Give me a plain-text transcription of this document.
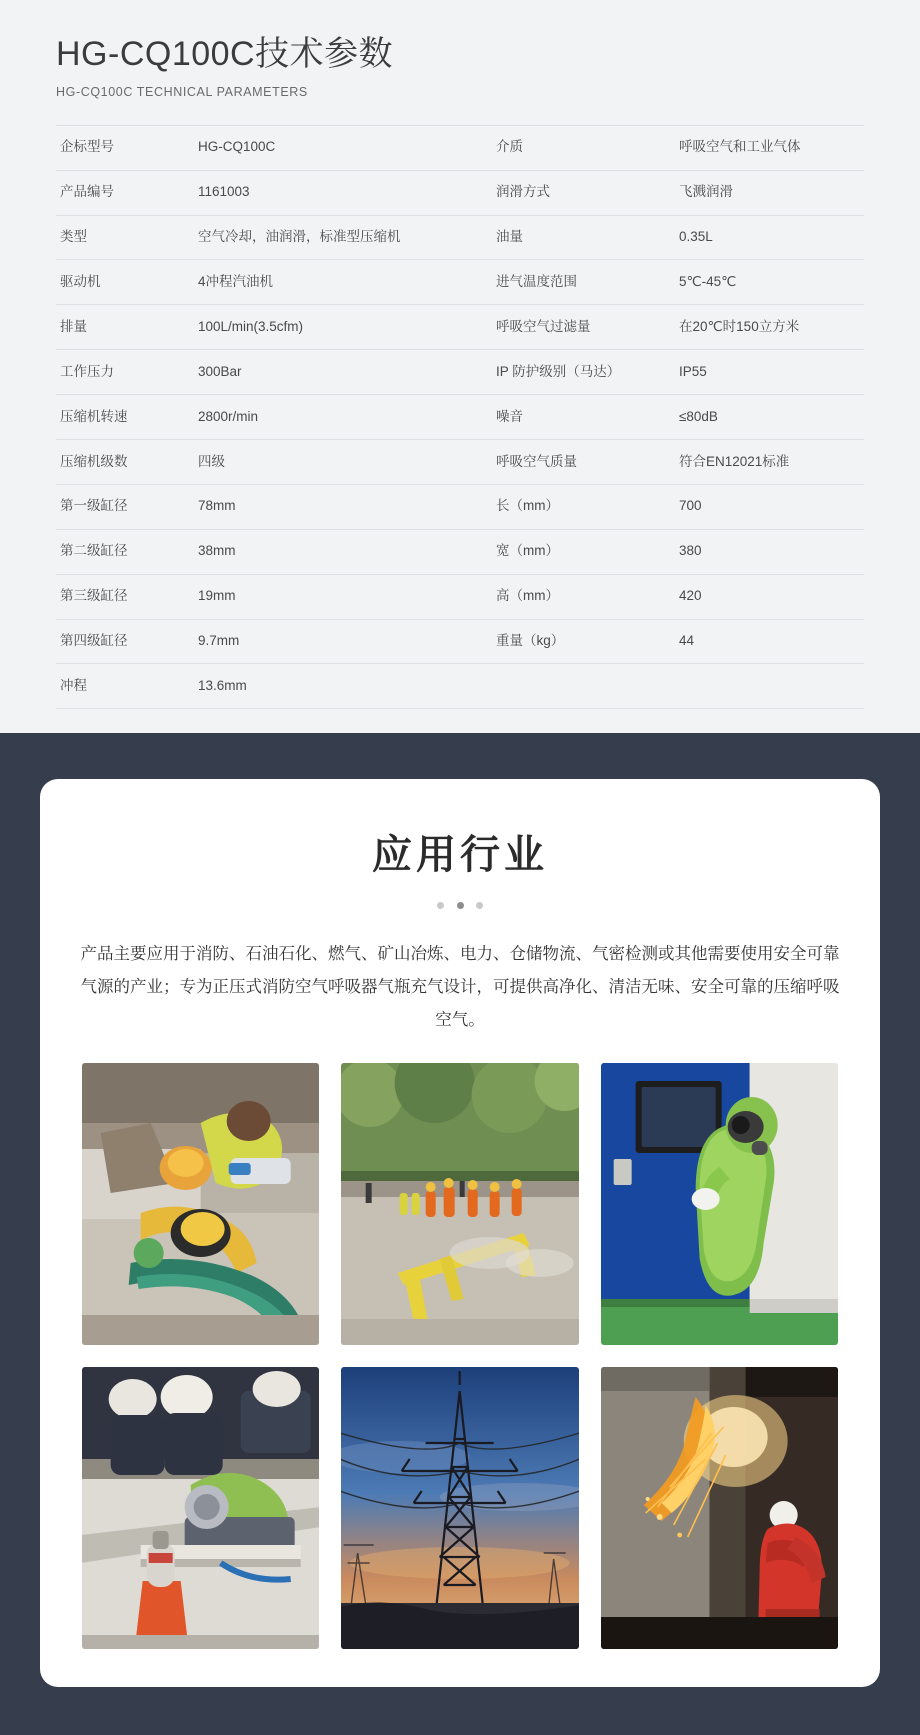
HG-CQ100C技术参数
HG-CQ100C TECHNICAL PARAMETERS
企标型号	HG-CQ100C	介质	呼吸空气和工业气体
产品编号	1161003	润滑方式	飞溅润滑
类型	空气冷却，油润滑，标准型压缩机	油量	0.35L
驱动机	4冲程汽油机	进气温度范围	5℃-45℃
排量	100L/min(3.5cfm)	呼吸空气过滤量	在20℃时150立方米
工作压力	300Bar	IP 防护级别（马达）	IP55
压缩机转速	2800r/min	噪音	≤80dB
压缩机级数	四级	呼吸空气质量	符合EN12021标准
第一级缸径	78mm	长（mm）	700
第二级缸径	38mm	宽（mm）	380
第三级缸径	19mm	高（mm）	420
第四级缸径	9.7mm	重量（kg）	44
冲程	13.6mm		
应用行业

产品主要应用于消防、石油石化、燃气、矿山冶炼、电力、仓储物流、气密检测或其他需要使用安全可靠气源的产业；专为正压式消防空气呼吸器气瓶充气设计，可提供高净化、清洁无味、安全可靠的压缩呼吸空气。
